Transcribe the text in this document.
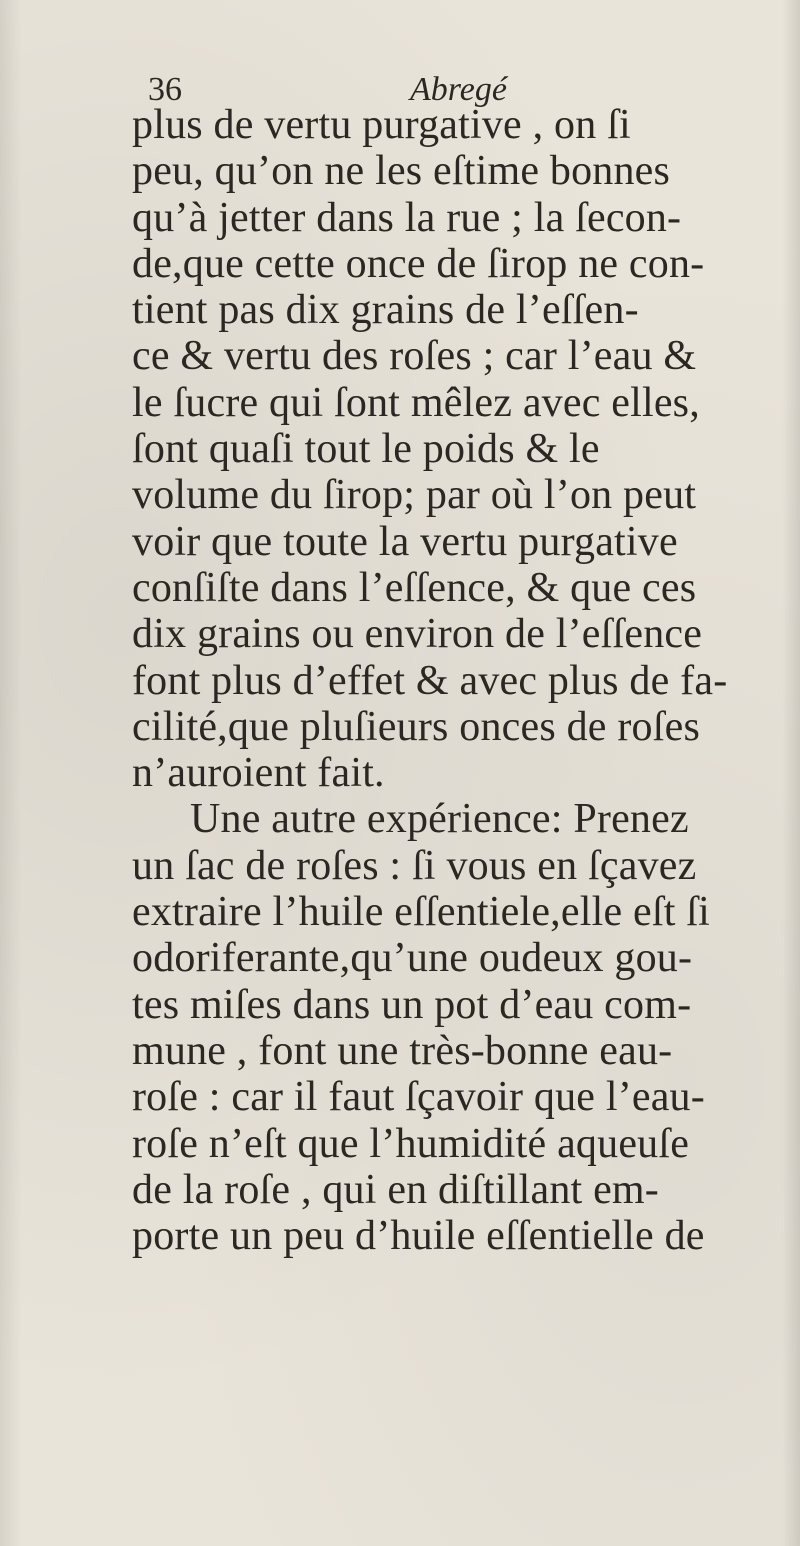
36	Abregé
plus de vertu purgative , on ſi
peu, qu’on ne les eſtime bonnes
qu’à jetter dans la rue ; la ſecon-
de,que cette once de ſirop ne con-
tient pas dix grains de l’eſſen-
ce & vertu des roſes ; car l’eau &
le ſucre qui ſont mêlez avec elles,
ſont quaſi tout le poids & le
volume du ſirop; par où l’on peut
voir que toute la vertu purgative
conſiſte dans l’eſſence, & que ces
dix grains ou environ de l’eſſence
font plus d’effet & avec plus de fa-
cilité,que pluſieurs onces de roſes
n’auroient fait.
Une autre expérience: Prenez
un ſac de roſes : ſi vous en ſçavez
extraire l’huile eſſentiele,elle eſt ſi
odoriferante,qu’une oudeux gou-
tes miſes dans un pot d’eau com-
mune , font une très-bonne eau-
roſe : car il faut ſçavoir que l’eau-
roſe n’eſt que l’humidité aqueuſe
de la roſe , qui en diſtillant em-
porte un peu d’huile eſſentielle de
